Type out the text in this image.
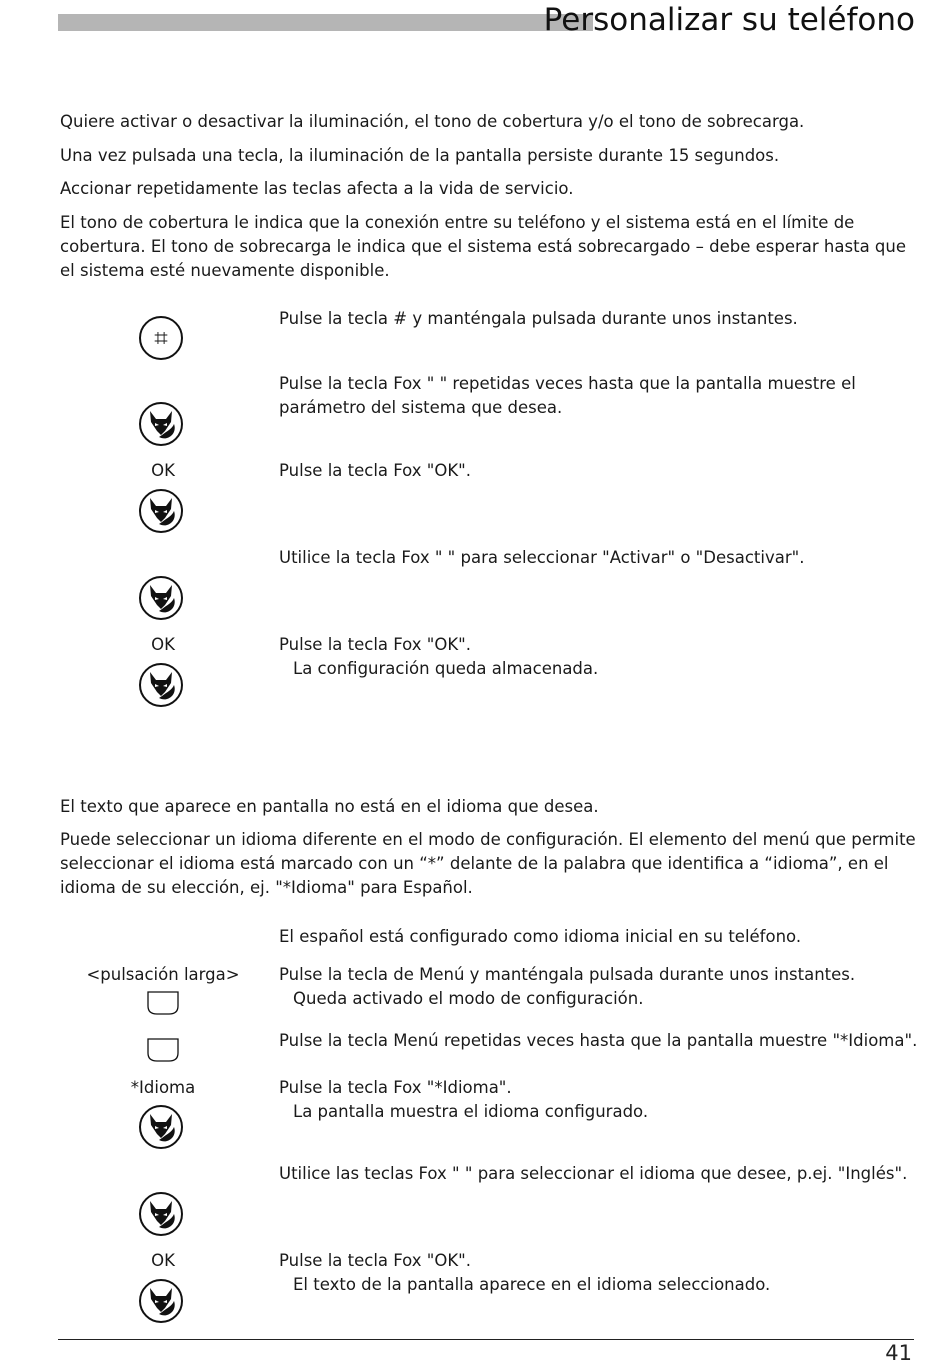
Personalizar su teléfono

Quiere activar o desactivar la iluminación, el tono de cobertura y/o el tono de sobrecarga.

Una vez pulsada una tecla, la iluminación de la pantalla persiste durante 15 segundos.

Accionar repetidamente las teclas afecta a la vida de servicio.

El tono de cobertura le indica que la conexión entre su teléfono y el sistema está en el límite de cobertura. El tono de sobrecarga le indica que el sistema está sobrecargado – debe esperar hasta que el sistema esté nuevamente disponible.

⌗

Pulse la tecla # y manténgala pulsada durante unos instantes.

Pulse la tecla Fox " " repetidas veces hasta que la pantalla muestre el parámetro del sistema que desea.

OK	Pulse la tecla Fox "OK".

Utilice la tecla Fox " " para seleccionar "Activar" o "Desactivar".

OK	Pulse la tecla Fox "OK".
La configuración queda almacenada.

El texto que aparece en pantalla no está en el idioma que desea.

Puede seleccionar un idioma diferente en el modo de configuración. El elemento del menú que permite seleccionar el idioma está marcado con un “*” delante de la palabra que identifica a “idioma”, en el idioma de su elección, ej. "*Idioma" para Español.

El español está configurado como idioma inicial en su teléfono.

<pulsación larga>	Pulse la tecla de Menú y manténgala pulsada durante unos instantes.
Queda activado el modo de configuración.

Pulse la tecla Menú repetidas veces hasta que la pantalla muestre "*Idioma".

*Idioma	Pulse la tecla Fox "*Idioma".
La pantalla muestra el idioma configurado.

Utilice las teclas Fox " " para seleccionar el idioma que desee, p.ej. "Inglés".

OK	Pulse la tecla Fox "OK".
El texto de la pantalla aparece en el idioma seleccionado.

41
